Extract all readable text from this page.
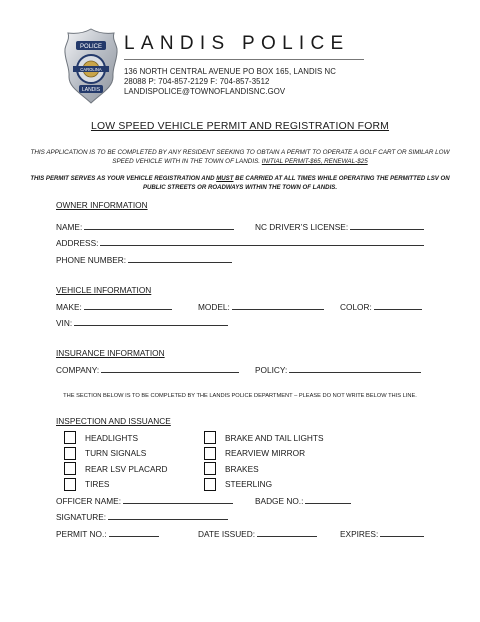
POLICE
CAROLINA
LANDIS
LANDIS POLICE
136 NORTH CENTRAL AVENUE PO BOX 165, LANDIS NC
28088 P: 704-857-2129 F: 704-857-3512
LANDISPOLICE@TOWNOFLANDISNC.GOV
LOW SPEED VEHICLE PERMIT AND REGISTRATION FORM
THIS APPLICATION IS TO BE COMPLETED BY ANY RESIDENT SEEKING TO OBTAIN A PERMIT TO OPERATE A GOLF CART OR SIMILAR LOW SPEED VEHICLE WITH IN THE TOWN OF LANDIS. INITIAL PERMIT-$65, RENEWAL-$25
THIS PERMIT SERVES AS YOUR VEHICLE REGISTRATION AND MUST BE CARRIED AT ALL TIMES WHILE OPERATING THE PERMITTED LSV ON PUBLIC STREETS OR ROADWAYS WITHIN THE TOWN OF LANDIS.
OWNER INFORMATION
NAME:	NC DRIVER’S LICENSE:
ADDRESS:
PHONE NUMBER:
VEHICLE INFORMATION
MAKE:	MODEL:	COLOR:
VIN:
INSURANCE INFORMATION
COMPANY:	POLICY:
THE SECTION BELOW IS TO BE COMPLETED BY THE LANDIS POLICE DEPARTMENT – PLEASE DO NOT WRITE BELOW THIS LINE.
INSPECTION AND ISSUANCE
HEADLIGHTS
TURN SIGNALS
REAR LSV PLACARD
TIRES
BRAKE AND TAIL LIGHTS
REARVIEW MIRROR
BRAKES
STEERLING
OFFICER NAME:	BADGE NO.:
SIGNATURE:
PERMIT NO.:	DATE ISSUED:	EXPIRES:
